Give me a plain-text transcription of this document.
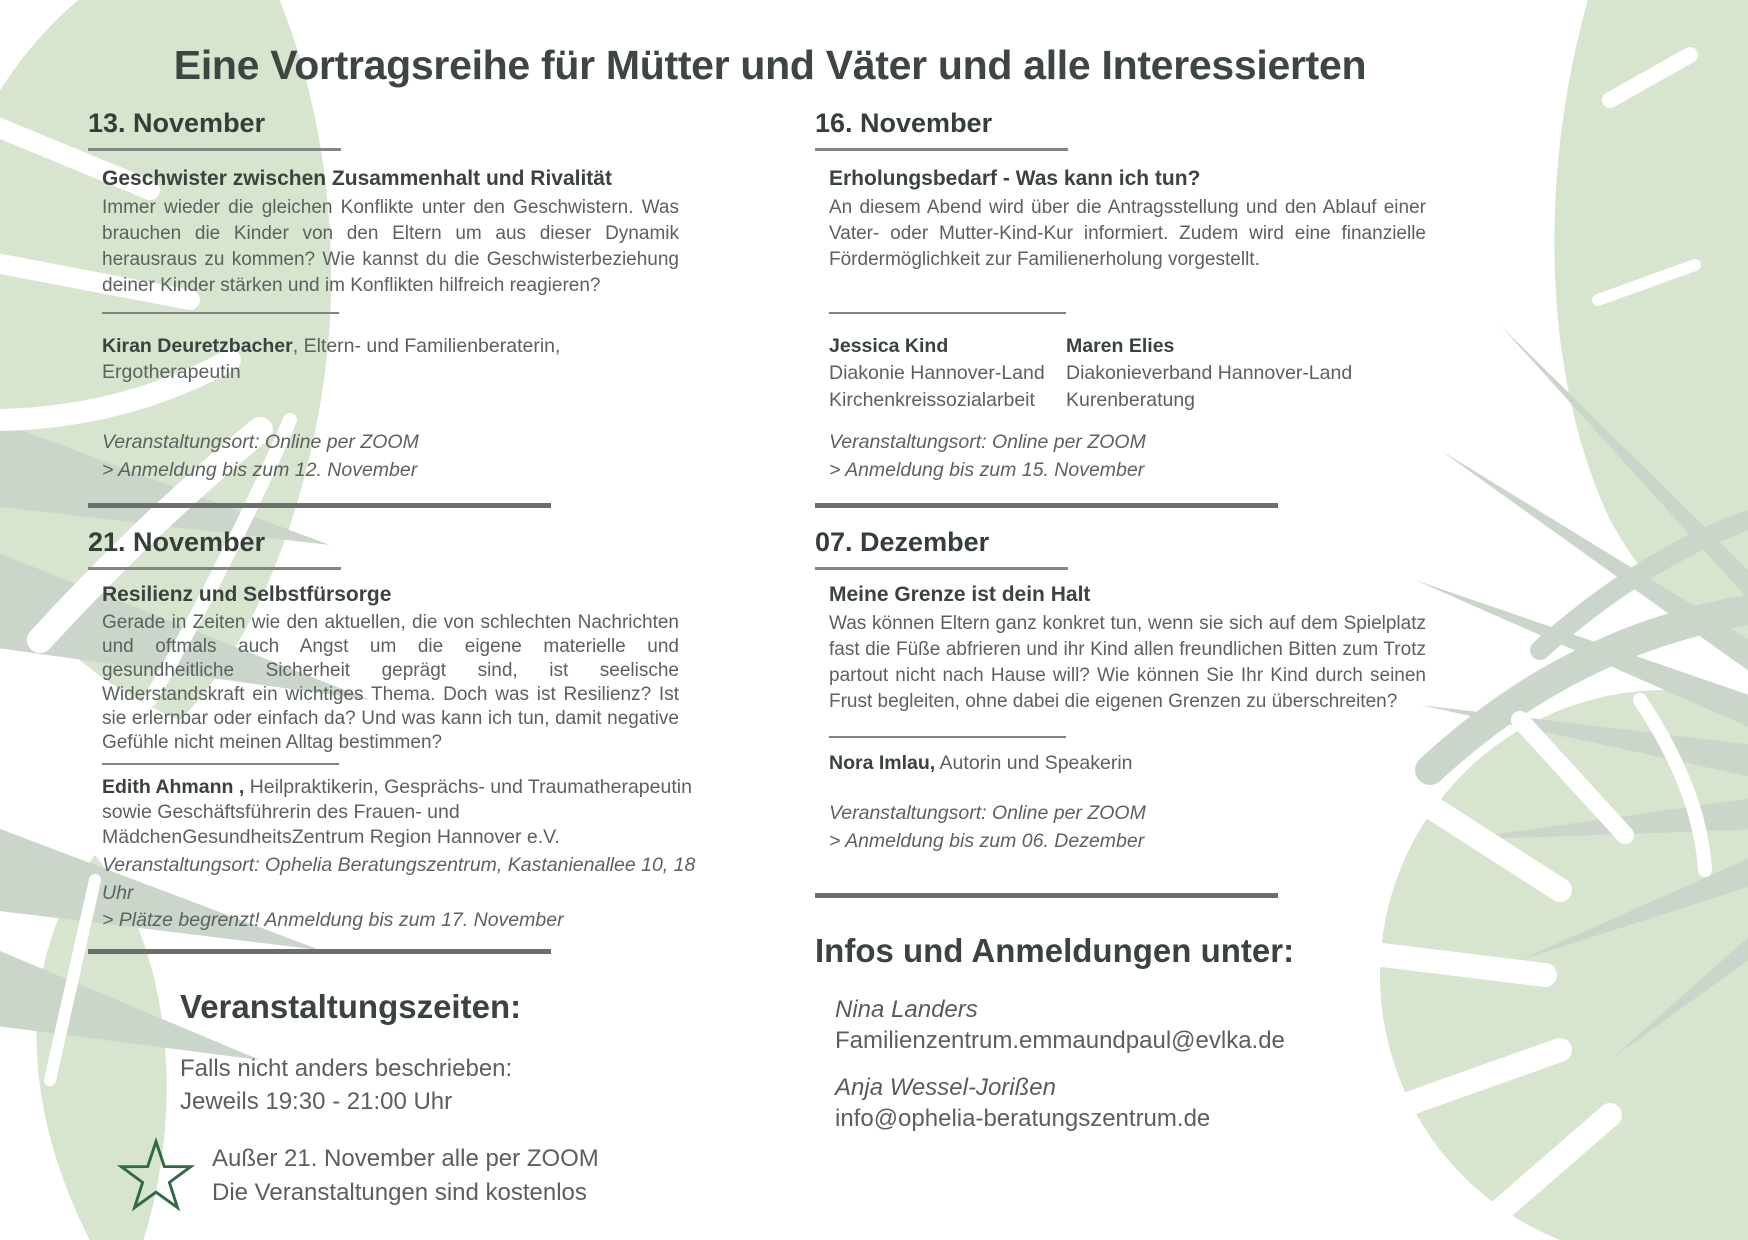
Eine Vortragsreihe für Mütter und Väter und alle Interessierten
13. November
Geschwister zwischen Zusammenhalt und Rivalität

Immer wieder die gleichen Konflikte unter den Geschwistern. Was brauchen die Kinder von den Eltern um aus dieser Dynamik herausraus zu kommen? Wie kannst du die Geschwisterbeziehung deiner Kinder stärken und im Konflikten hilfreich reagieren?

Kiran Deuretzbacher, Eltern- und Familienberaterin, Ergotherapeutin

Veranstaltungsort: Online per ZOOM
> Anmeldung bis zum 12. November

21. November
Resilienz und Selbstfürsorge

Gerade in Zeiten wie den aktuellen, die von schlechten Nachrichten und oftmals auch Angst um die eigene materielle und gesundheitliche Sicherheit geprägt sind, ist seelische Widerstandskraft ein wichtiges Thema. Doch was ist Resilienz? Ist sie erlernbar oder einfach da? Und was kann ich tun, damit negative Gefühle nicht meinen Alltag bestimmen?

Edith Ahmann , Heilpraktikerin, Gesprächs- und Traumatherapeutin sowie Geschäftsführerin des Frauen- und MädchenGesundheitsZentrum Region Hannover e.V.

Veranstaltungsort: Ophelia Beratungszentrum, Kastanienallee 10, 18 Uhr
> Plätze begrenzt! Anmeldung bis zum 17. November

Veranstaltungszeiten:

Falls nicht anders beschrieben:
Jeweils 19:30 - 21:00 Uhr

Außer 21. November alle per ZOOM
Die Veranstaltungen sind kostenlos

16. November
Erholungsbedarf - Was kann ich tun?

An diesem Abend wird über die Antragsstellung und den Ablauf einer Vater- oder Mutter-Kind-Kur informiert. Zudem wird eine finanzielle Fördermöglichkeit zur Familienerholung vorgestellt.

Jessica Kind
Diakonie Hannover-Land
Kirchenkreissozialarbeit
Maren Elies
Diakonieverband Hannover-Land
Kurenberatung

Veranstaltungsort: Online per ZOOM
> Anmeldung bis zum 15. November

07. Dezember
Meine Grenze ist dein Halt

Was können Eltern ganz konkret tun, wenn sie sich auf dem Spielplatz fast die Füße abfrieren und ihr Kind allen freundlichen Bitten zum Trotz partout nicht nach Hause will? Wie können Sie Ihr Kind durch seinen Frust begleiten, ohne dabei die eigenen Grenzen zu überschreiten?

Nora Imlau, Autorin und Speakerin

Veranstaltungsort: Online per ZOOM
> Anmeldung bis zum 06. Dezember

Infos und Anmeldungen unter:
Nina Landers
Familienzentrum.emmaundpaul@evlka.de
Anja Wessel-Jorißen
info@ophelia-beratungszentrum.de
